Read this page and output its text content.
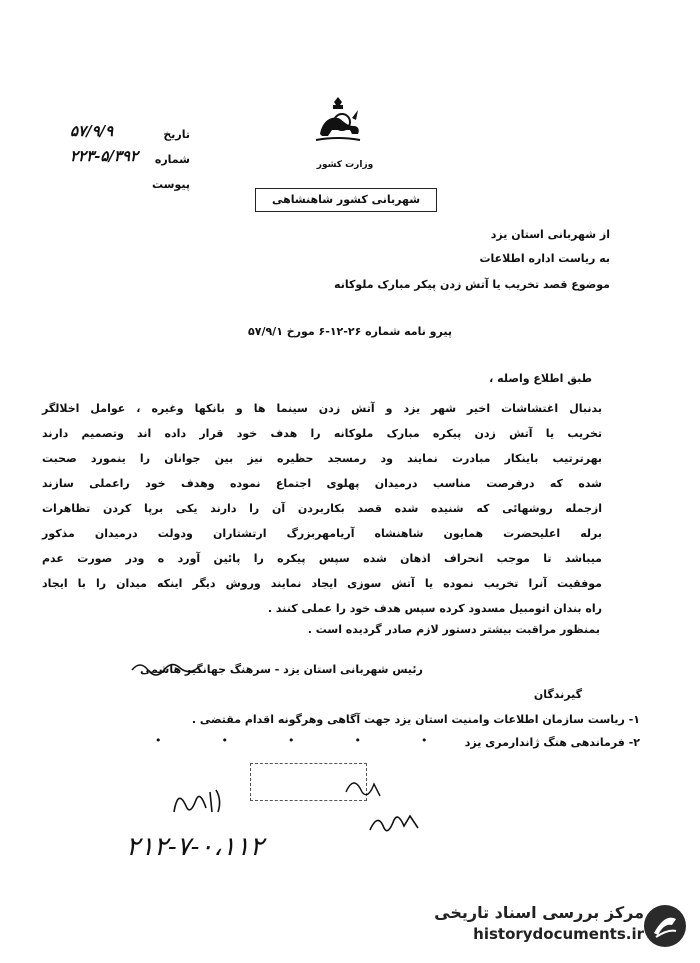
تاریخ
۵۷/۹/۹
شماره
۲۲۳-۵/۳۹۲
پیوست
وزارت کشور
شهربانی کشور شاهنشاهی
از شهربانی استان یزد
به ریاست اداره اطلاعات
موضوع قصد تخریب یا آتش زدن پیکر مبارک ملوکانه
پیرو نامه شماره ۲۶-۱۲-۶ مورخ ۵۷/۹/۱
طبق اطلاع واصله ،
بدنبال اغتشاشات اخیر شهر یزد و آتش زدن سینما ها و بانکها وغیره ، عوامل اخلالگر
تخریب یا آتش زدن پیکره مبارک ملوکانه را هدف خود قرار داده اند وتصمیم دارند
بهرترتیب باینکار مبادرت نمایند ود رمسجد حظیره نیز بین جوانان را ینمورد صحبت
شده که درفرصت مناسب درمیدان پهلوی اجتماع نموده وهدف خود راعملی سازند
ازجمله روشهائی که شنیده شده قصد بکاربردن آن را دارند یکی برپا کردن تظاهرات
برله اعلیحضرت همایون شاهنشاه آریامهربزرگ ارتشتاران ودولت درمیدان مذکور
میباشد تا موجب انحراف اذهان شده سپس پیکره را پائین آورد ه ودر صورت عدم
موفقیت آنرا تخریب نموده یا آتش سوزی ایجاد نمایند وروش دیگر اینکه میدان را با ایجاد
راه بندان اتومبیل مسدود کرده سپس هدف خود را عملی کنند .
بمنظور مراقبت بیشتر دستور لازم صادر گردیده است .
رئیس شهربانی استان یزد - سرهنگ جهانگیر هاشمی
گیرندگان
۱- ریاست سازمان اطلاعات وامنیت استان یزد جهت آگاهی وهرگونه اقدام مقتضی .
۲- فرماندهی هنگ ژاندارمری یزد
•••••
۲۱۲-۷-۰،۱۱۲
مرکز بررسی اسناد تاریخی
historydocuments.ir
